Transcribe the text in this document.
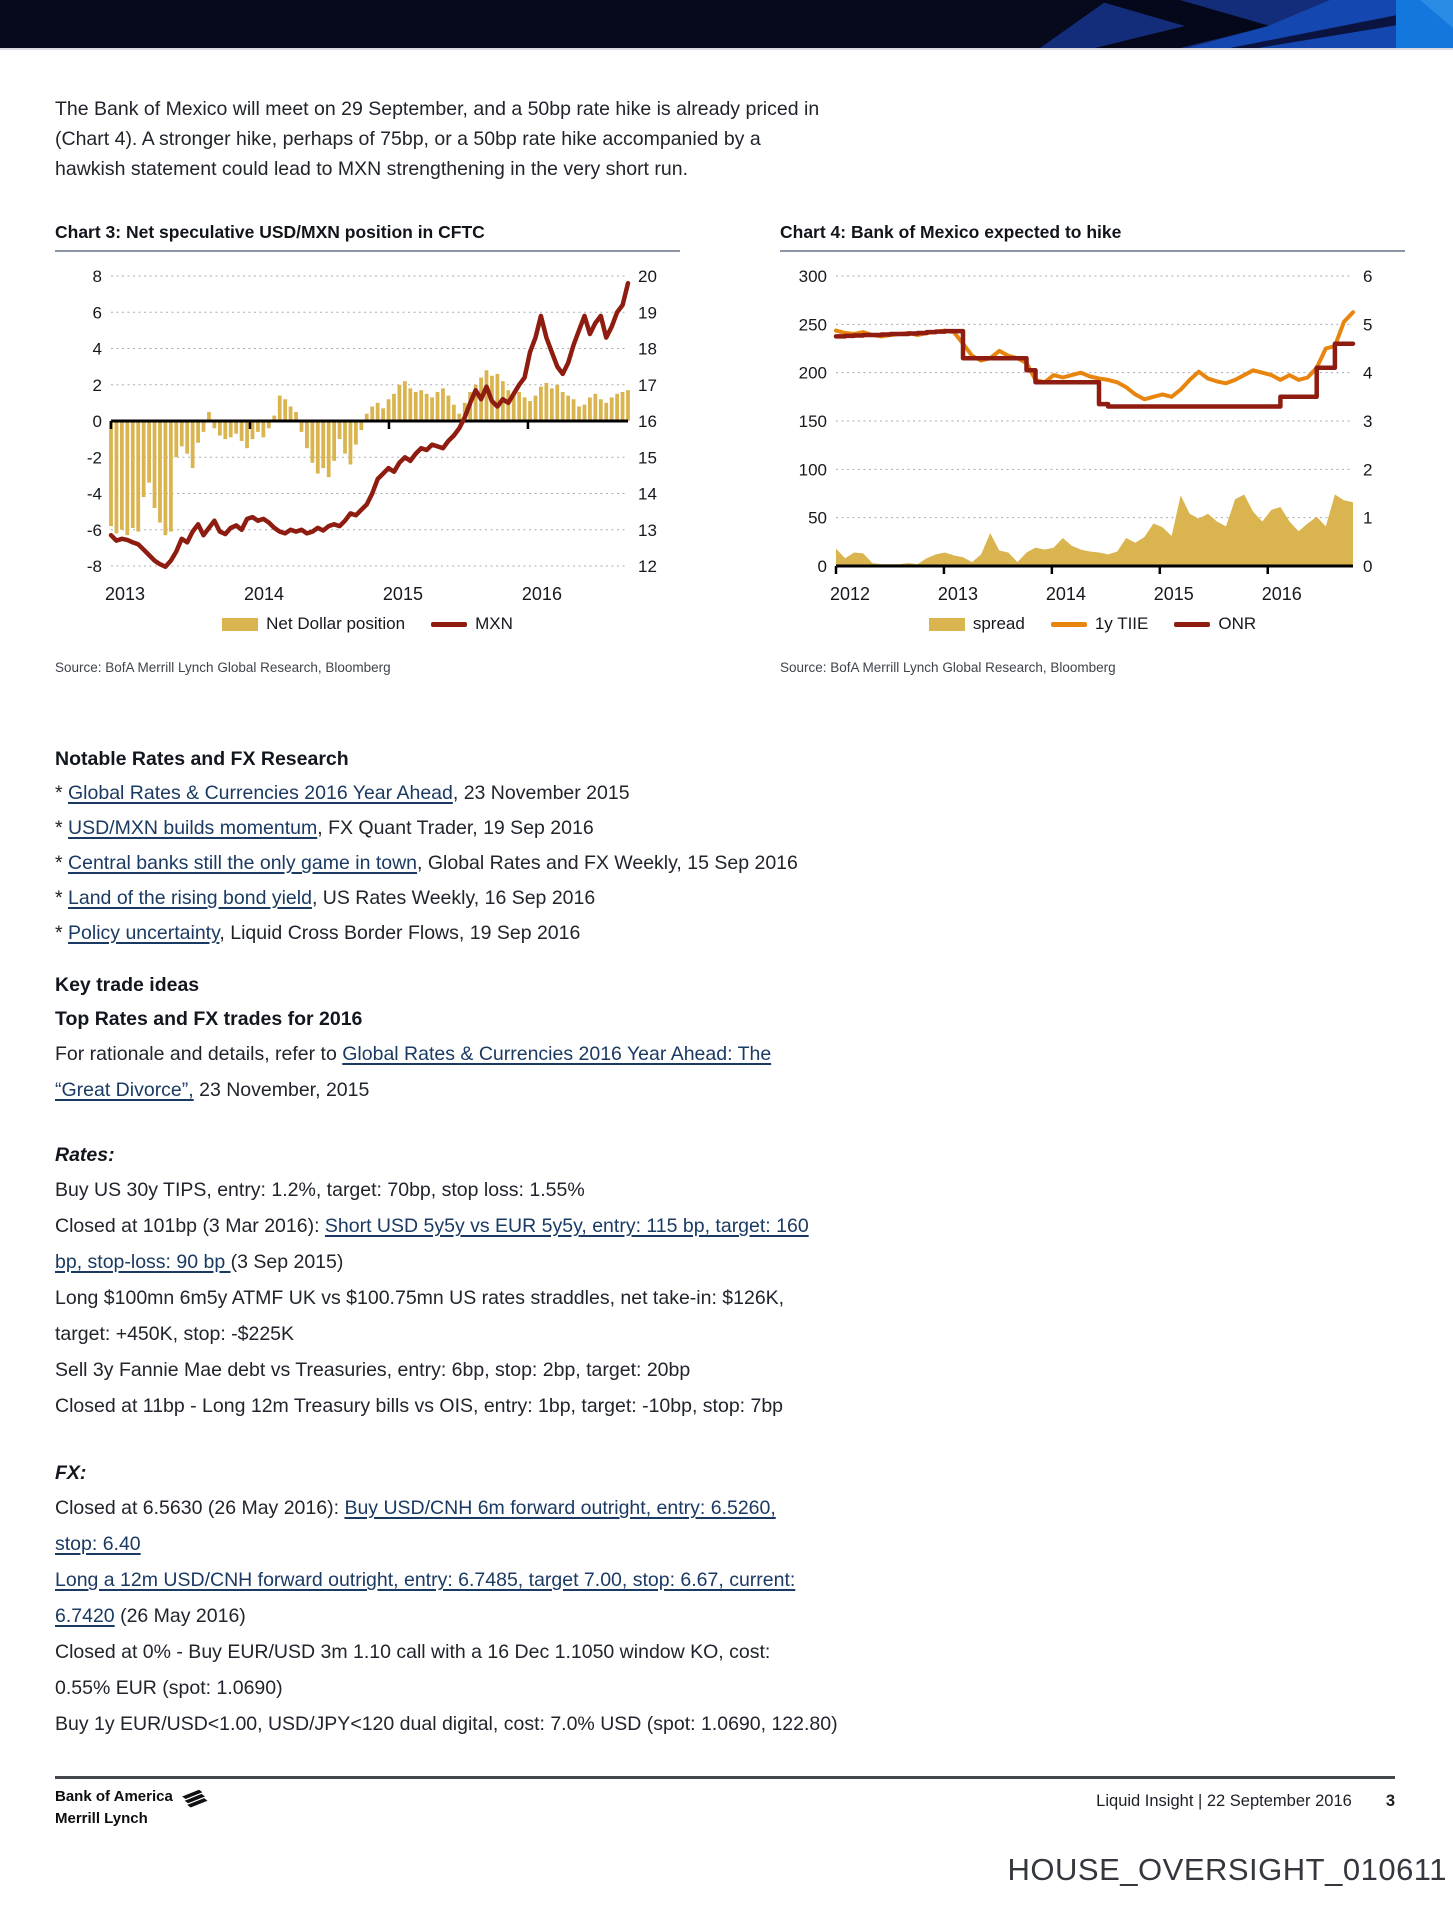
The Bank of Mexico will meet on 29 September, and a 50bp rate hike is already priced in
(Chart 4). A stronger hike, perhaps of 75bp, or a 50bp rate hike accompanied by a
hawkish statement could lead to MXN strengthening in the very short run.
Chart 3: Net speculative USD/MXN position in CFTC
2013	2014	2015	2016
8
6
4
2
0
-2
-4
-6
-8
20
19
18
17
16
15
14
13
12
Net Dollar position	MXN
Source: BofA Merrill Lynch Global Research, Bloomberg
Chart 4: Bank of Mexico expected to hike
2012	2013	2014	2015	2016
300
250
200
150
100
50
0
6
5
4
3
2
1
0
spread	1y TIIE	ONR
Source: BofA Merrill Lynch Global Research, Bloomberg
Notable Rates and FX Research
* Global Rates & Currencies 2016 Year Ahead, 23 November 2015
* USD/MXN builds momentum, FX Quant Trader, 19 Sep 2016
* Central banks still the only game in town, Global Rates and FX Weekly, 15 Sep 2016
* Land of the rising bond yield, US Rates Weekly, 16 Sep 2016
* Policy uncertainty, Liquid Cross Border Flows, 19 Sep 2016
Key trade ideas
Top Rates and FX trades for 2016
For rationale and details, refer to Global Rates & Currencies 2016 Year Ahead: The
“Great Divorce”, 23 November, 2015
Rates:
Buy US 30y TIPS, entry: 1.2%, target: 70bp, stop loss: 1.55%
Closed at 101bp (3 Mar 2016): Short USD 5y5y vs EUR 5y5y, entry: 115 bp, target: 160
bp, stop-loss: 90 bp (3 Sep 2015)
Long $100mn 6m5y ATMF UK vs $100.75mn US rates straddles, net take-in: $126K,
target: +450K, stop: -$225K
Sell 3y Fannie Mae debt vs Treasuries, entry: 6bp, stop: 2bp, target: 20bp
Closed at 11bp - Long 12m Treasury bills vs OIS, entry: 1bp, target: -10bp, stop: 7bp
FX:
Closed at 6.5630 (26 May 2016): Buy USD/CNH 6m forward outright, entry: 6.5260,
stop: 6.40
Long a 12m USD/CNH forward outright, entry: 6.7485, target 7.00, stop: 6.67, current:
6.7420 (26 May 2016)
Closed at 0% - Buy EUR/USD 3m 1.10 call with a 16 Dec 1.1050 window KO, cost:
0.55% EUR (spot: 1.0690)
Buy 1y EUR/USD<1.00, USD/JPY<120 dual digital, cost: 7.0% USD (spot: 1.0690, 122.80)
Bank of America
Merrill Lynch
Liquid Insight | 22 September 2016 3
HOUSE_OVERSIGHT_010611
